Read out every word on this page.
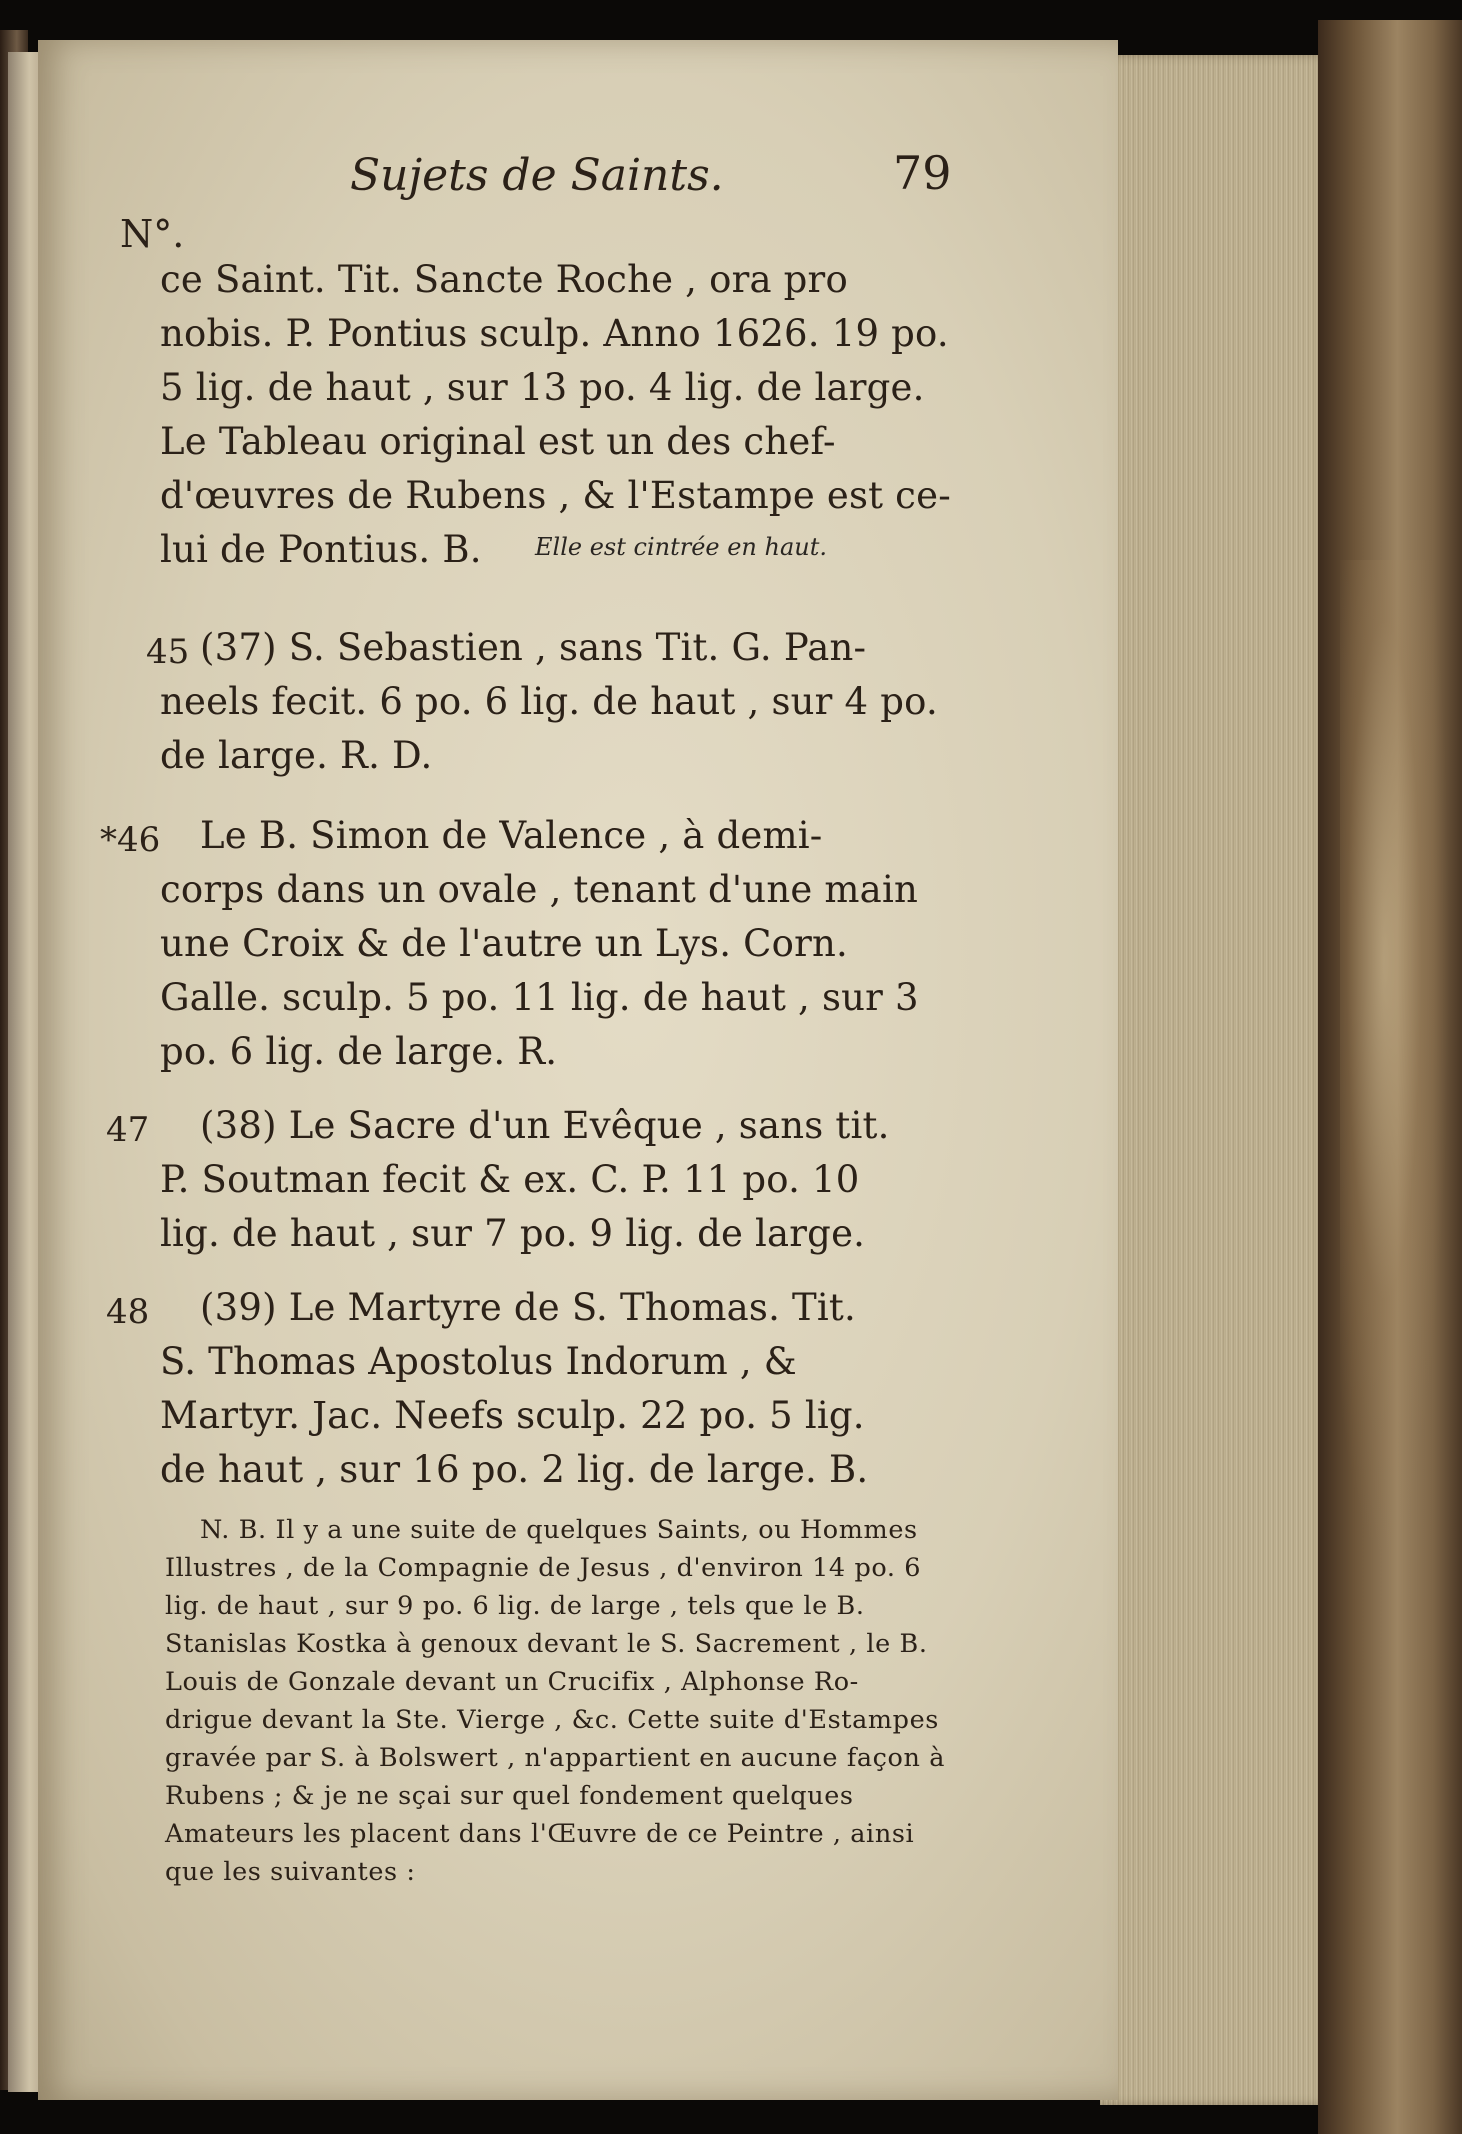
Sujets de Saints.	79
N°.
ce Saint. Tit. Sancte Roche , ora pro
nobis. P. Pontius sculp. Anno 1626. 19 po.
5 lig. de haut , sur 13 po. 4 lig. de large.
Le Tableau original est un des chef-
d'œuvres de Rubens , & l'Estampe est ce-
lui de Pontius. B. Elle est cintrée en haut.
45 (37) S. Sebastien , sans Tit. G. Pan-
neels fecit. 6 po. 6 lig. de haut , sur 4 po.
de large. R. D.
*46 Le B. Simon de Valence , à demi-
corps dans un ovale , tenant d'une main
une Croix & de l'autre un Lys. Corn.
Galle. sculp. 5 po. 11 lig. de haut , sur 3
po. 6 lig. de large. R.
47 (38) Le Sacre d'un Evêque , sans tit.
P. Soutman fecit & ex. C. P. 11 po. 10
lig. de haut , sur 7 po. 9 lig. de large.
48 (39) Le Martyre de S. Thomas. Tit.
S. Thomas Apostolus Indorum , &
Martyr. Jac. Neefs sculp. 22 po. 5 lig.
de haut , sur 16 po. 2 lig. de large. B.
N. B. Il y a une suite de quelques Saints, ou Hommes
Illustres , de la Compagnie de Jesus , d'environ 14 po. 6
lig. de haut , sur 9 po. 6 lig. de large , tels que le B.
Stanislas Kostka à genoux devant le S. Sacrement , le B.
Louis de Gonzale devant un Crucifix , Alphonse Ro-
drigue devant la Ste. Vierge , &c. Cette suite d'Estampes
gravée par S. à Bolswert , n'appartient en aucune façon à
Rubens ; & je ne sçai sur quel fondement quelques
Amateurs les placent dans l'Œuvre de ce Peintre , ainsi
que les suivantes :
